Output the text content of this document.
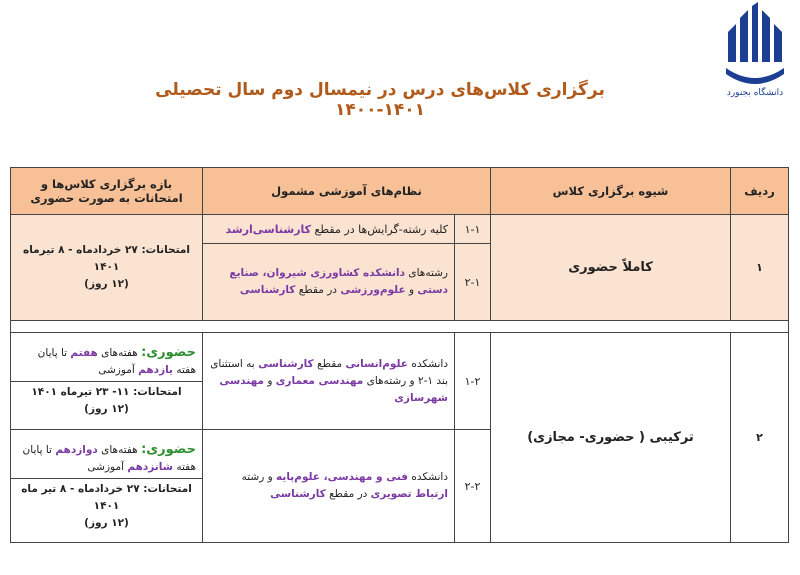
دانشگاه بجنورد
برگزاری کلاس‌های درس در نیمسال دوم سال تحصیلی ۱۴۰۱-۱۴۰۰
ردیف	شیوه برگزاری کلاس	نظام‌های آموزشی مشمول		بازه برگزاری کلاس‌ها و امتحانات به صورت حضوری
۱	کاملاً حضوری	۱-۱	کلیه رشته-گرایش‌ها در مقطع کارشناسی‌ارشد	امتحانات: ۲۷ خردادماه - ۸ تیرماه ۱۴۰۱
(۱۲ روز)
		۲-۱	رشته‌های دانشکده کشاورزی شیروان، صنایع دستی و علوم‌ورزشی در مقطع کارشناسی	

۲	ترکیبی ( حضوری- مجازی)	۱-۲	دانشکده علوم‌انسانی مقطع کارشناسی به استثنای بند ۱-۲ و رشته‌های مهندسی معماری و مهندسی شهرسازی	حضوری: هفته‌های هفتم تا پایان هفته یازدهم آموزشی
امتحانات: ۱۱- ۲۳ تیرماه ۱۴۰۱
(۱۲ روز)

		۲-۲	دانشکده فنی و مهندسی، علوم‌پایه و رشته ارتباط تصویری در مقطع کارشناسی	حضوری: هفته‌های دوازدهم تا پایان هفته شانزدهم آموزشی
امتحانات: ۲۷ خردادماه - ۸ تیر ماه ۱۴۰۱
(۱۲ روز)
